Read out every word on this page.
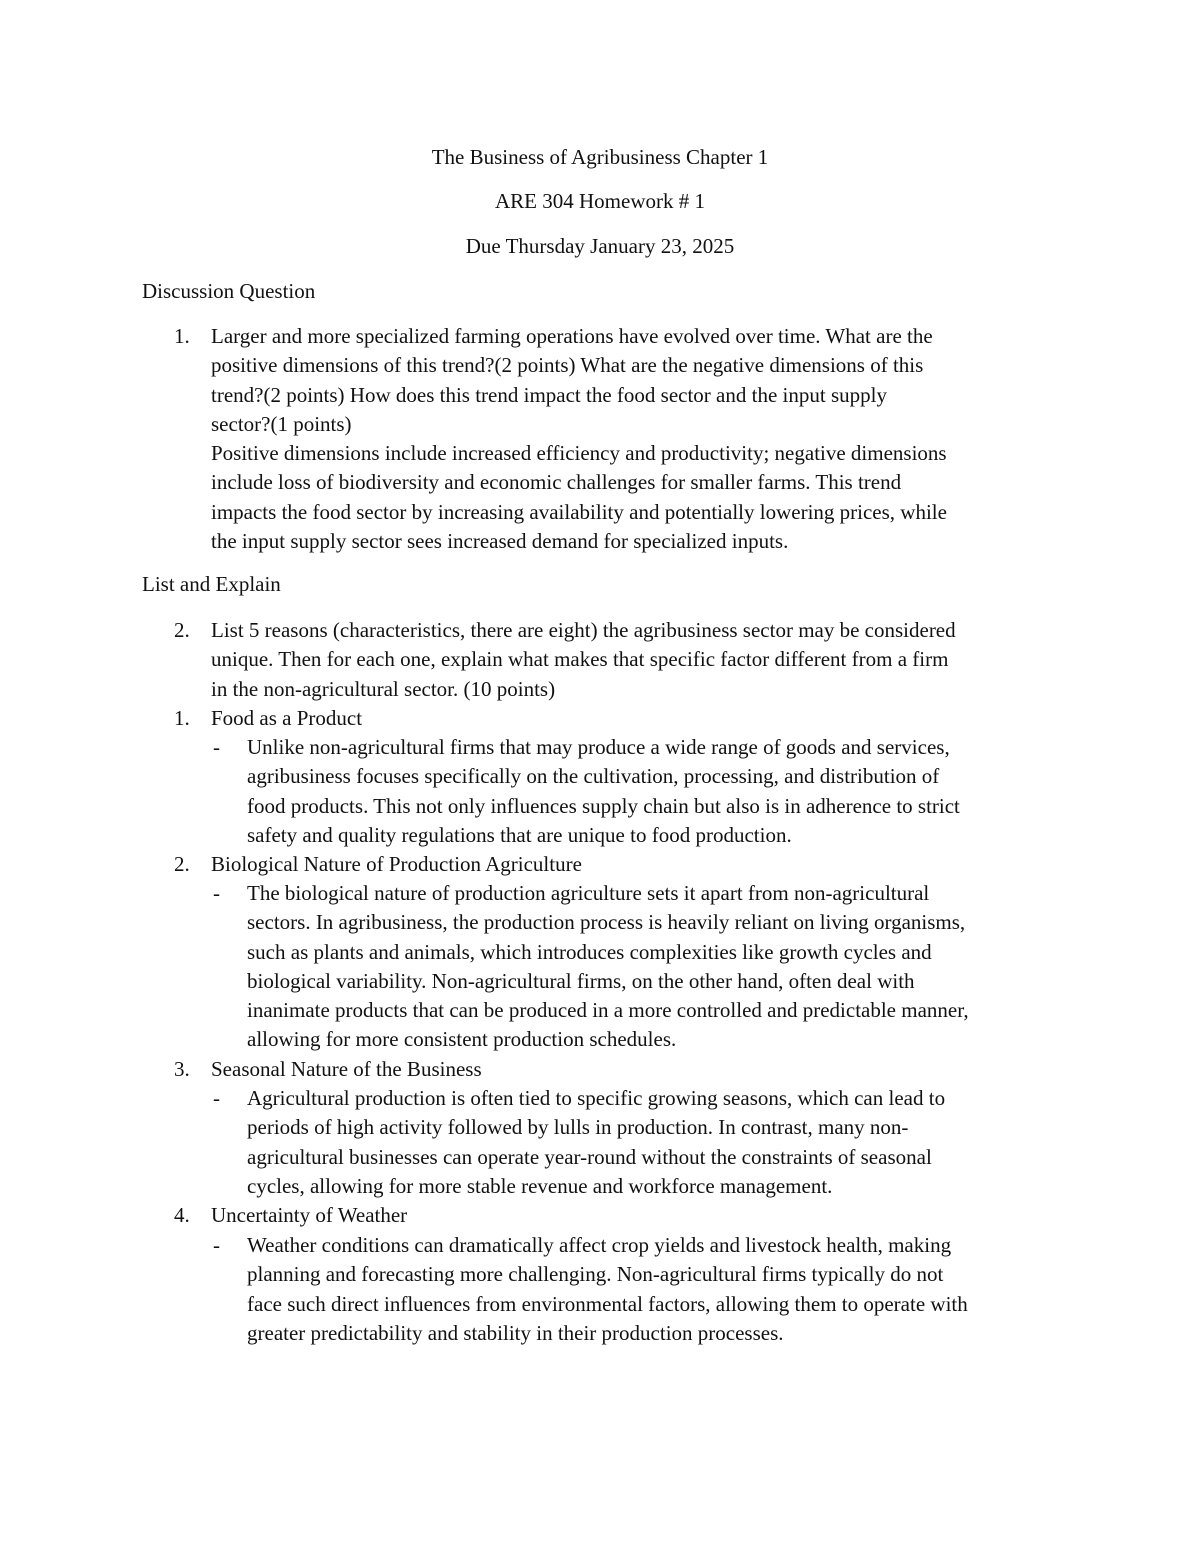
The Business of Agribusiness Chapter 1
ARE 304 Homework # 1
Due Thursday January 23, 2025
Discussion Question
1. Larger and more specialized farming operations have evolved over time. What are the
positive dimensions of this trend?(2 points) What are the negative dimensions of this
trend?(2 points) How does this trend impact the food sector and the input supply
sector?(1 points)
Positive dimensions include increased efficiency and productivity; negative dimensions
include loss of biodiversity and economic challenges for smaller farms. This trend
impacts the food sector by increasing availability and potentially lowering prices, while
the input supply sector sees increased demand for specialized inputs.
List and Explain
2. List 5 reasons (characteristics, there are eight) the agribusiness sector may be considered
unique. Then for each one, explain what makes that specific factor different from a firm
in the non-agricultural sector. (10 points)
1. Food as a Product
- Unlike non-agricultural firms that may produce a wide range of goods and services,
agribusiness focuses specifically on the cultivation, processing, and distribution of
food products. This not only influences supply chain but also is in adherence to strict
safety and quality regulations that are unique to food production.
2. Biological Nature of Production Agriculture
- The biological nature of production agriculture sets it apart from non-agricultural
sectors. In agribusiness, the production process is heavily reliant on living organisms,
such as plants and animals, which introduces complexities like growth cycles and
biological variability. Non-agricultural firms, on the other hand, often deal with
inanimate products that can be produced in a more controlled and predictable manner,
allowing for more consistent production schedules.
3. Seasonal Nature of the Business
- Agricultural production is often tied to specific growing seasons, which can lead to
periods of high activity followed by lulls in production. In contrast, many non-
agricultural businesses can operate year-round without the constraints of seasonal
cycles, allowing for more stable revenue and workforce management.
4. Uncertainty of Weather
- Weather conditions can dramatically affect crop yields and livestock health, making
planning and forecasting more challenging. Non-agricultural firms typically do not
face such direct influences from environmental factors, allowing them to operate with
greater predictability and stability in their production processes.
